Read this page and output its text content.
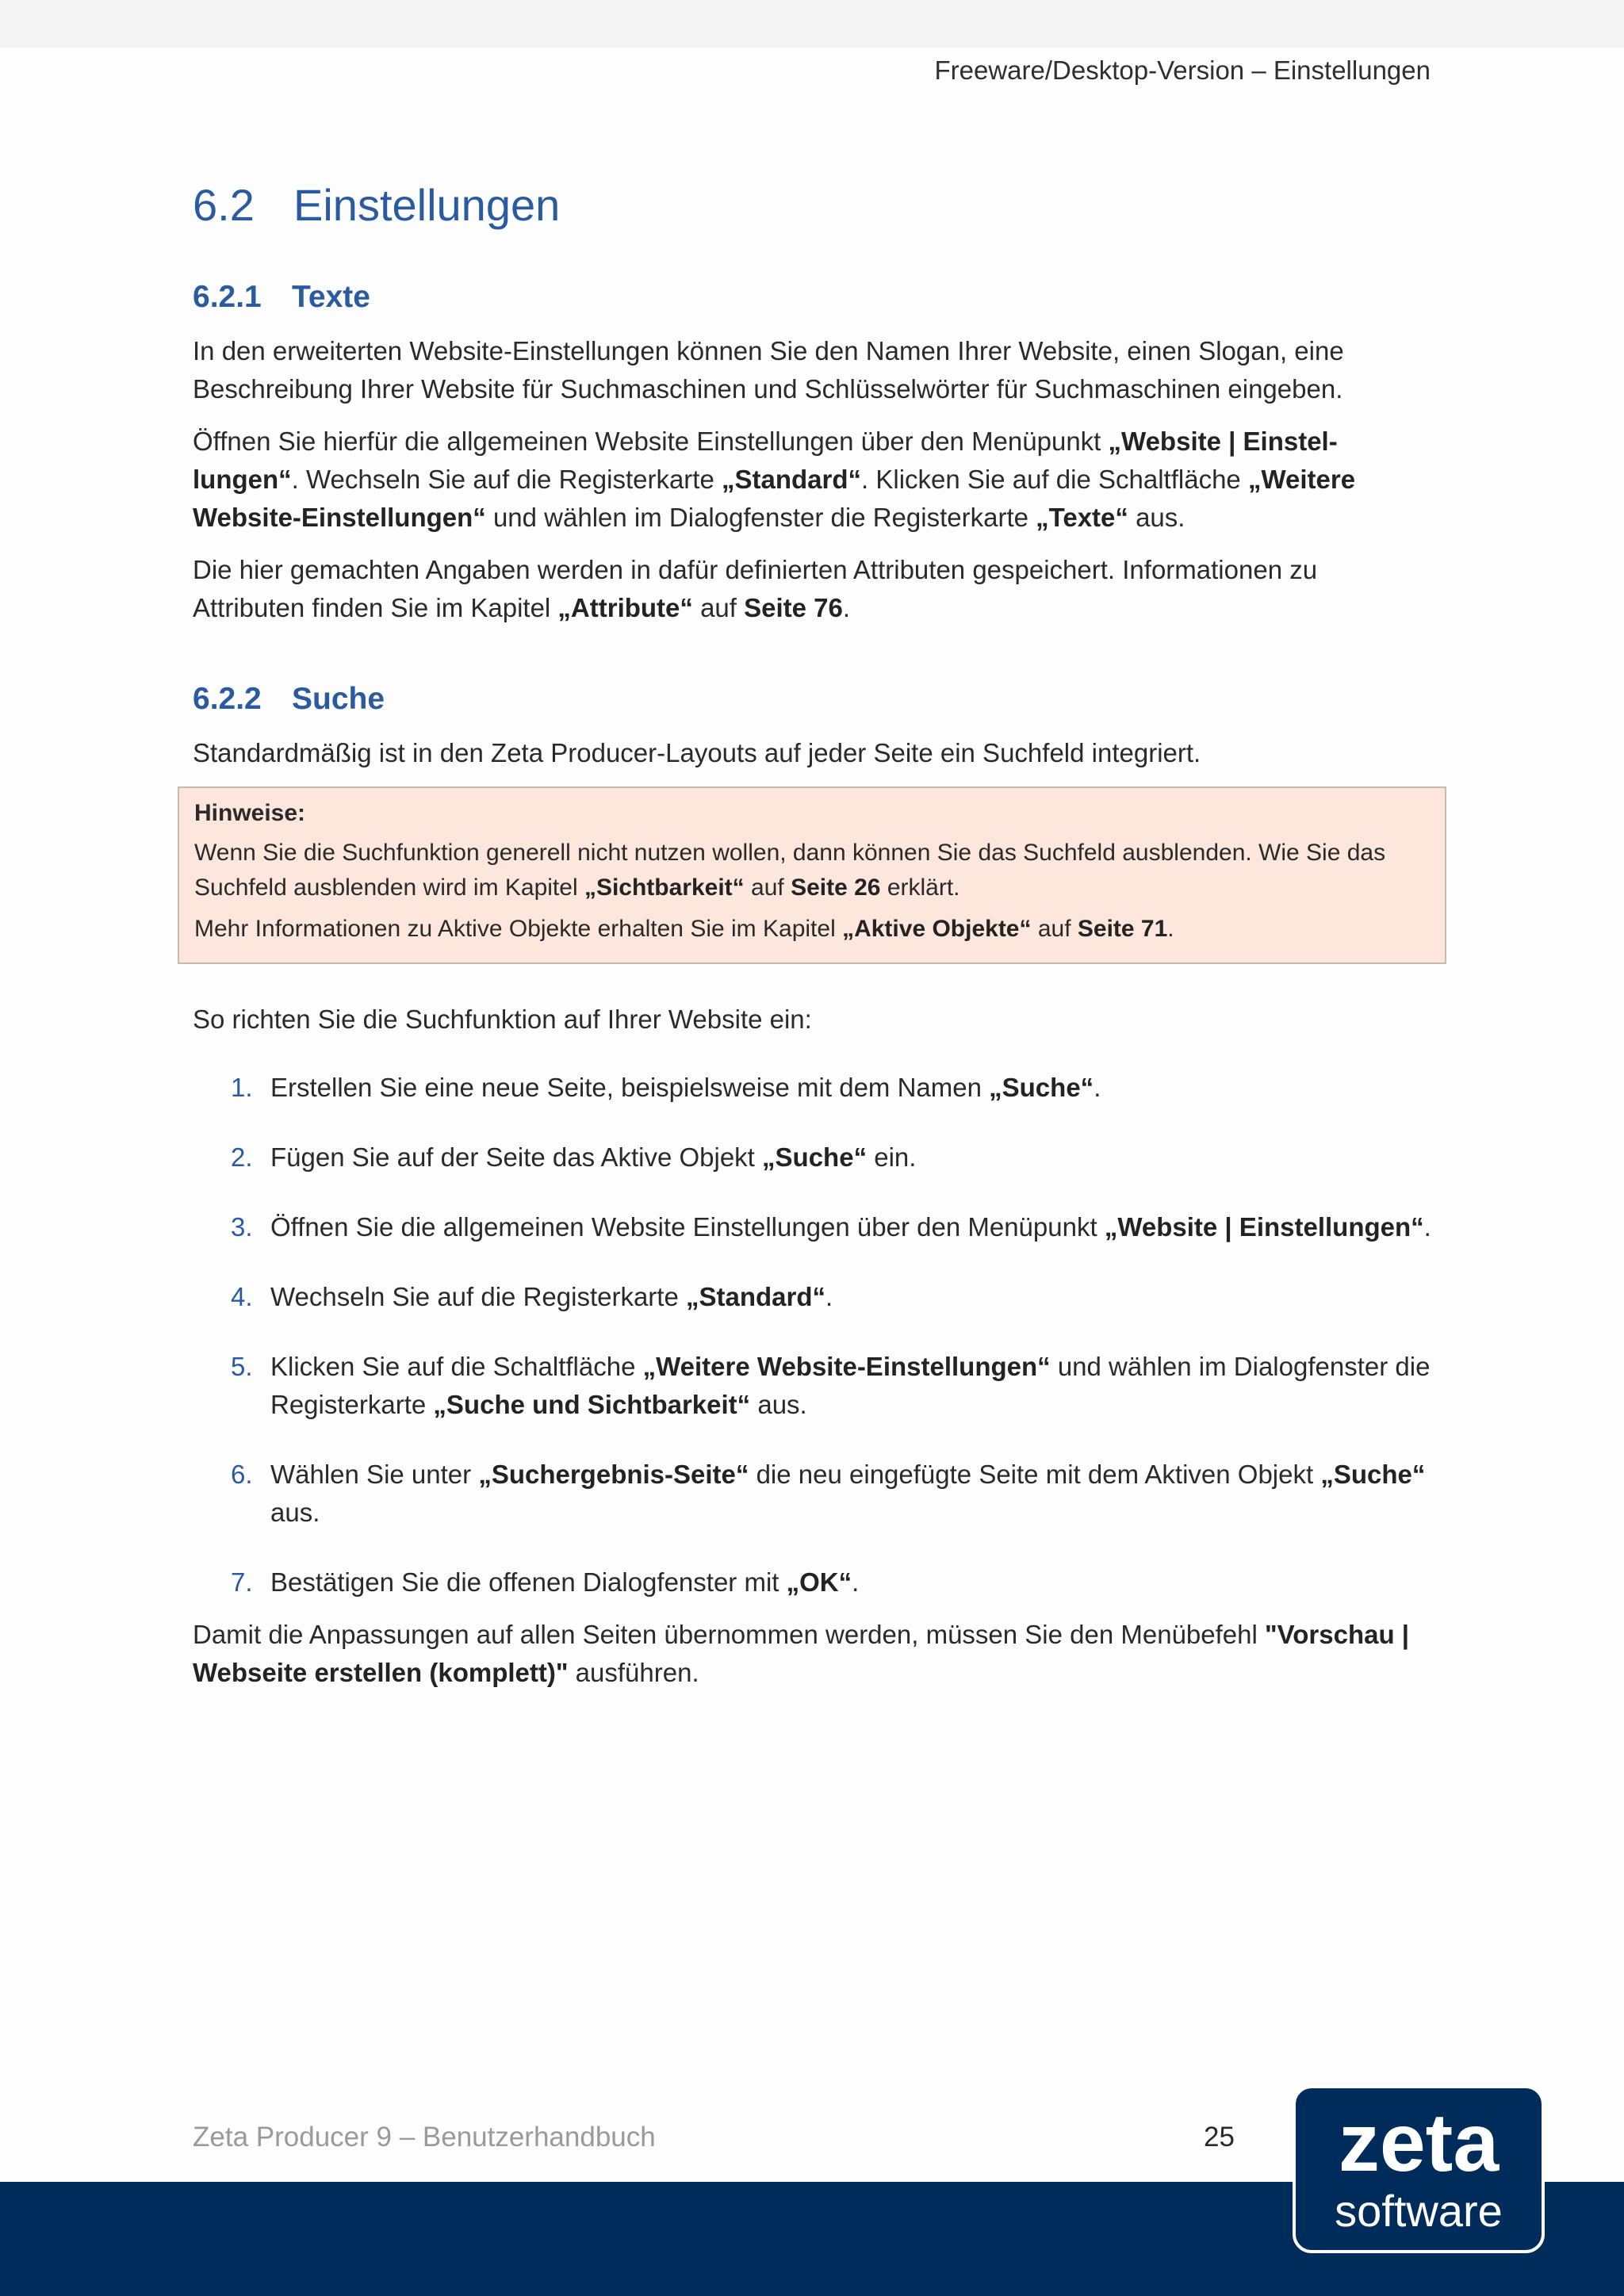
Freeware/Desktop-Version – Einstellungen
6.2 Einstellungen
6.2.1 Texte

In den erweiterten Website-Einstellungen können Sie den Namen Ihrer Website, einen Slogan, eine Beschreibung Ihrer Website für Suchmaschinen und Schlüsselwörter für Suchmaschinen eingeben.

Öffnen Sie hierfür die allgemeinen Website Einstellungen über den Menüpunkt „Website | Einstellungen“. Wechseln Sie auf die Registerkarte „Standard“. Klicken Sie auf die Schaltfläche „Weitere Website-Einstellungen“ und wählen im Dialogfenster die Registerkarte „Texte“ aus.

Die hier gemachten Angaben werden in dafür definierten Attributen gespeichert. Informationen zu Attributen finden Sie im Kapitel „Attribute“ auf Seite 76.

6.2.2 Suche

Standardmäßig ist in den Zeta Producer-Layouts auf jeder Seite ein Suchfeld integriert.

Hinweise:

Wenn Sie die Suchfunktion generell nicht nutzen wollen, dann können Sie das Suchfeld ausblenden. Wie Sie das Suchfeld ausblenden wird im Kapitel „Sichtbarkeit“ auf Seite 26 erklärt.

Mehr Informationen zu Aktive Objekte erhalten Sie im Kapitel „Aktive Objekte“ auf Seite 71.

So richten Sie die Suchfunktion auf Ihrer Website ein:

1. Erstellen Sie eine neue Seite, beispielsweise mit dem Namen „Suche“.
2. Fügen Sie auf der Seite das Aktive Objekt „Suche“ ein.
3. Öffnen Sie die allgemeinen Website Einstellungen über den Menüpunkt „Website | Einstellungen“.
4. Wechseln Sie auf die Registerkarte „Standard“.
5. Klicken Sie auf die Schaltfläche „Weitere Website-Einstellungen“ und wählen im Dialogfenster die Registerkarte „Suche und Sichtbarkeit“ aus.
6. Wählen Sie unter „Suchergebnis-Seite“ die neu eingefügte Seite mit dem Aktiven Objekt „Suche“ aus.
7. Bestätigen Sie die offenen Dialogfenster mit „OK“.

Damit die Anpassungen auf allen Seiten übernommen werden, müssen Sie den Menübefehl "Vorschau | Webseite erstellen (komplett)" ausführen.

Zeta Producer 9 – Benutzerhandbuch	25 zeta
software
